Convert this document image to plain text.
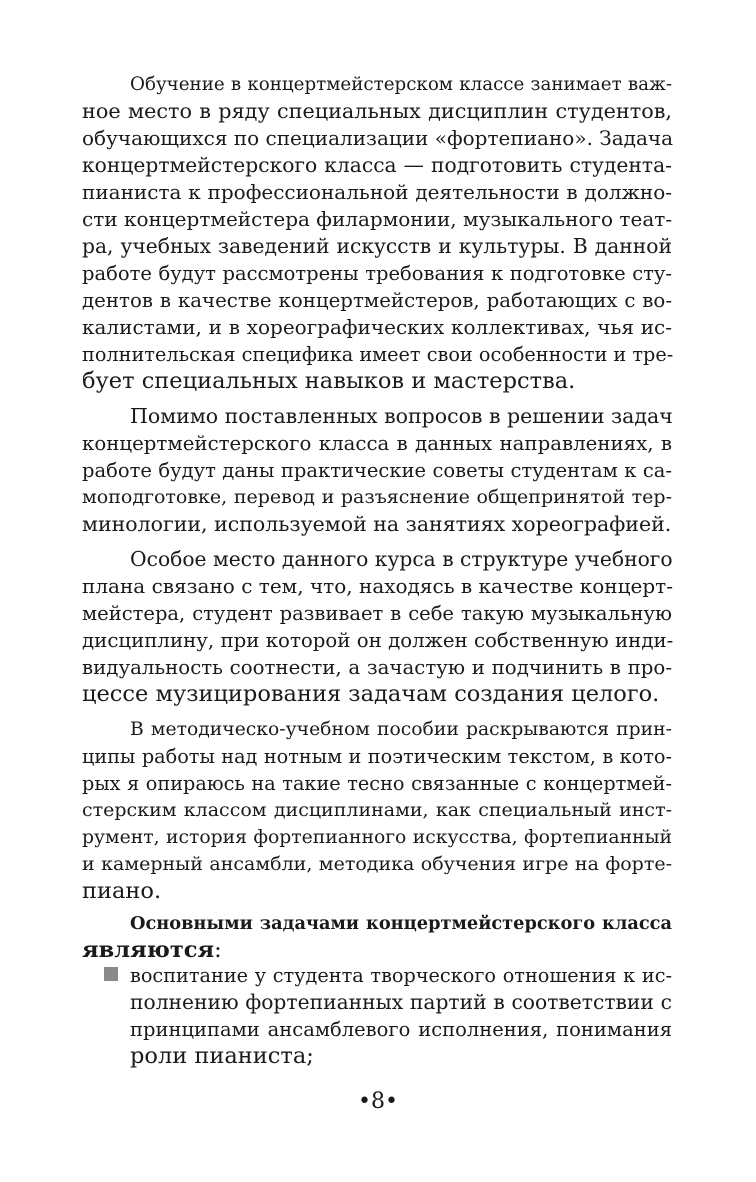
Обучение в концертмейстерском классе занимает важ-
ное место в ряду специальных дисциплин студентов,
обучающихся по специализации «фортепиано». Задача
концертмейстерского класса — подготовить студента-
пианиста к профессиональной деятельности в должно-
сти концертмейстера филармонии, музыкального теат-
ра, учебных заведений искусств и культуры. В данной
работе будут рассмотрены требования к подготовке сту-
дентов в качестве концертмейстеров, работающих с во-
калистами, и в хореографических коллективах, чья ис-
полнительская специфика имеет свои особенности и тре-
бует специальных навыков и мастерства.
Помимо поставленных вопросов в решении задач
концертмейстерского класса в данных направлениях, в
работе будут даны практические советы студентам к са-
моподготовке, перевод и разъяснение общепринятой тер-
минологии, используемой на занятиях хореографией.
Особое место данного курса в структуре учебного
плана связано с тем, что, находясь в качестве концерт-
мейстера, студент развивает в себе такую музыкальную
дисциплину, при которой он должен собственную инди-
видуальность соотнести, а зачастую и подчинить в про-
цессе музицирования задачам создания целого.
В методическо-учебном пособии раскрываются прин-
ципы работы над нотным и поэтическим текстом, в кото-
рых я опираюсь на такие тесно связанные с концертмей-
стерским классом дисциплинами, как специальный инст-
румент, история фортепианного искусства, фортепианный
и камерный ансамбли, методика обучения игре на форте-
пиано.
Основными задачами концертмейстерского класса
являются:
воспитание у студента творческого отношения к ис-
полнению фортепианных партий в соответствии с
принципами ансамблевого исполнения, понимания
роли пианиста;
•8•
